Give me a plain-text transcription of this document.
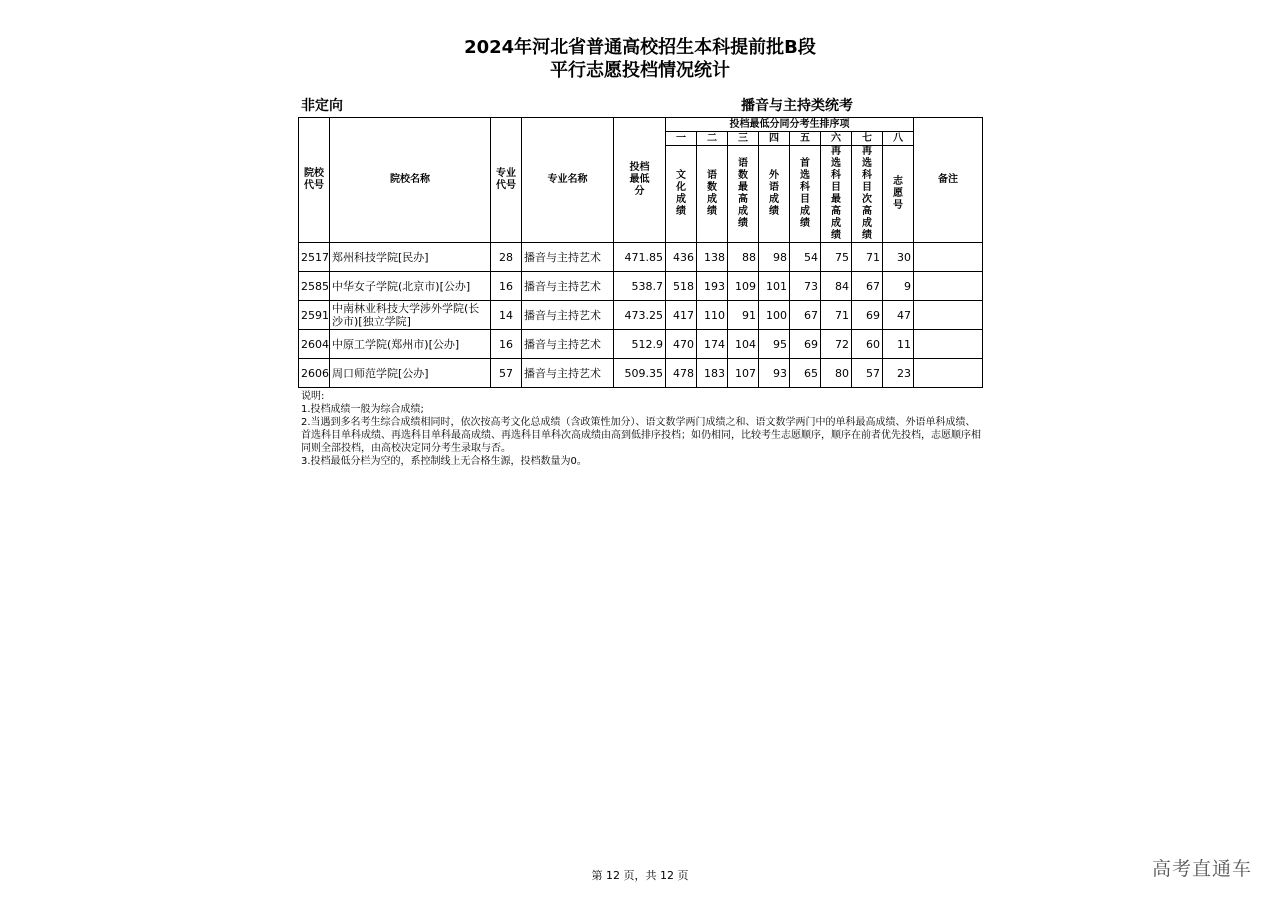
2024年河北省普通高校招生本科提前批B段
平行志愿投档情况统计
非定向	播音与主持类统考
院校代号	院校名称	专业代号	专业名称	投档最低分	投档最低分同分考生排序项								备注
					一	二	三	四	五	六	七	八	
					文化成绩	语数成绩	语数最高成绩	外语成绩	首选科目成绩	再选科目最高成绩	再选科目次高成绩	志愿号	
2517	郑州科技学院[民办]	28	播音与主持艺术	471.85	436	138	88	98	54	75	71	30	
2585	中华女子学院(北京市)[公办]	16	播音与主持艺术	538.7	518	193	109	101	73	84	67	9	
2591	中南林业科技大学涉外学院(长沙市)[独立学院]	14	播音与主持艺术	473.25	417	110	91	100	67	71	69	47	
2604	中原工学院(郑州市)[公办]	16	播音与主持艺术	512.9	470	174	104	95	69	72	60	11	
2606	周口师范学院[公办]	57	播音与主持艺术	509.35	478	183	107	93	65	80	57	23	
说明:
1.投档成绩一般为综合成绩;
2.当遇到多名考生综合成绩相同时，依次按高考文化总成绩（含政策性加分）、语文数学两门成绩之和、语文数学两门中的单科最高成绩、外语单科成绩、首选科目单科成绩、再选科目单科最高成绩、再选科目单科次高成绩由高到低排序投档；如仍相同，比较考生志愿顺序，顺序在前者优先投档，志愿顺序相同则全部投档，由高校决定同分考生录取与否。
3.投档最低分栏为空的，系控制线上无合格生源，投档数量为0。
第 12 页，共 12 页	高考直通车
